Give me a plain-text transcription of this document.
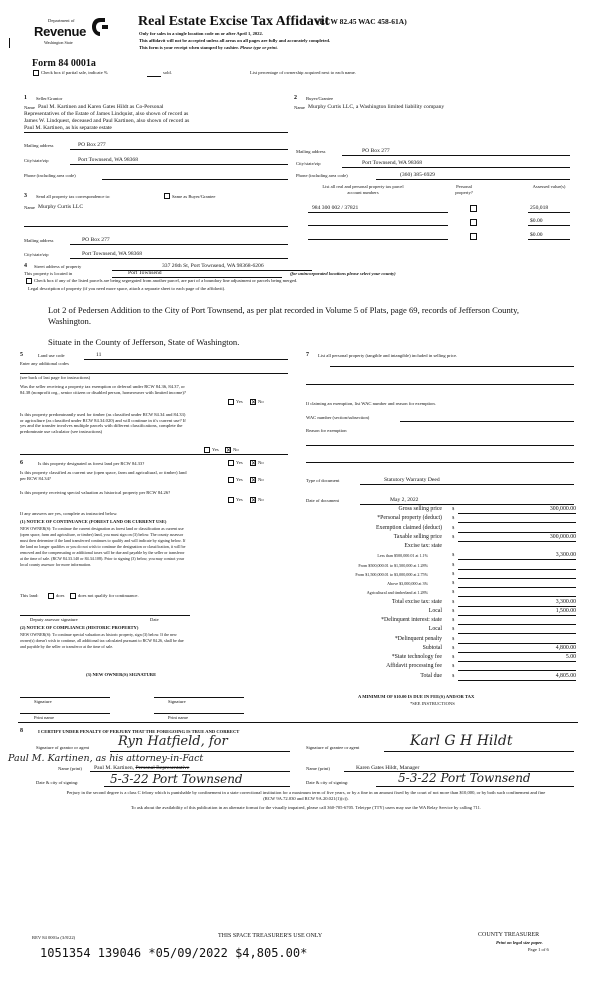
Department of
Revenue
Washington State
Real Estate Excise Tax Affidavit
(RCW 82.45 WAC 458-61A)
Only for sales in a single location code on or after April 1, 2022.
This affidavit will not be accepted unless all areas on all pages are fully and accurately completed.
This form is your receipt when stamped by cashier. Please type or print.
Form 84 0001a
Check box if partial sale, indicate %	sold.	List percentage of ownership acquired next to each name.
1 Seller/Grantor
Name Paul M. Kartinen and Karen Gates Hildt as Co-Personal
Representatives of the Estate of James Lindquist, also shown of record as
James W. Lindquest, deceased and Paul Kartinen, also shown of record as
Paul M. Kartinen, as his separate estate
Mailing address	PO Box 277
City/state/zip	Port Townsend, WA 98368
Phone (including area code)
2 Buyer/Grantee
Name Murphy Curtis LLC, a Washington limited liability company
Mailing address	PO Box 277
City/state/zip	Port Townsend, WA 98368
Phone (including area code)	(360) 385-6929
List all real and personal property tax parcel account numbers
Personal property?
Assessed value(s)
984 300 002 / 37821	250,018
$0.00
$0.00
3 Send all property tax correspondence to:	Same as Buyer/Grantee
Name Murphy Curtis LLC
Mailing address	PO Box 277
City/state/zip	Port Townsend, WA 98368
4 Street address of property	337 26th St, Port Townsend, WA 98368-6206
This property is located in	Port Townsend	(for unincorporated locations please select your county)
Check box if any of the listed parcels are being segregated from another parcel, are part of a boundary line adjustment or parcels being merged.
Legal description of property (if you need more space, attach a separate sheet to each page of the affidavit).
Lot 2 of Pedersen Addition to the City of Port Townsend, as per plat recorded in Volume 5 of Plats, page 69, records of Jefferson County, Washington.
Situate in the County of Jefferson, State of Washington.
5	Land use code	11
Enter any additional codes
(see back of last page for instructions)
Was the seller receiving a property tax exemption or deferral under RCW 84.36, 84.37, or 84.38 (nonprofit org., senior citizen or disabled person, homeowner with limited income)?
Yes ✕ No
Is this property predominantly used for timber (as classified under RCW 84.34 and 84.33) or agriculture (as classified under RCW 84.34.020) and will continue in it's current use? If yes and the transfer involves multiple parcels with different classifications, complete the predominate use calculator (see instructions)
Yes ✕ No
6	Is this property designated as forest land per RCW 84.33?	Yes ✕ No
Is this property classified as current use (open space, farm and agricultural, or timber) land per RCW 84.34?	Yes ✕ No
Is this property receiving special valuation as historical property per RCW 84.26?
Yes ✕ No
If any answers are yes, complete as instructed below.
(1) NOTICE OF CONTINUANCE (FOREST LAND OR CURRENT USE)
NEW OWNER(S): To continue the current designation as forest land or classification as current use (open space, farm and agriculture, or timber) land, you must sign on (3) below. The county assessor must then determine if the land transferred continues to qualify and will indicate by signing below. If the land no longer qualifies or you do not wish to continue the designation or classification, it will be removed and the compensating or additional taxes will be due and payable by the seller or transferor at the time of sale. (RCW 84.33.140 or 84.34.108). Prior to signing (3) below, you may contact your local county assessor for more information.
This land:	does	does not qualify for continuance.
Deputy assessor signature	Date
(2) NOTICE OF COMPLIANCE (HISTORIC PROPERTY)
NEW OWNER(S): To continue special valuation as historic property, sign (3) below. If the new owner(s) doesn't wish to continue, all additional tax calculated pursuant to RCW 84.26, shall be due and payable by the seller or transferor at the time of sale.
(3) NEW OWNER(S) SIGNATURE
Signature	Signature
Print name	Print name
7	List all personal property (tangible and intangible) included in selling price.
If claiming an exemption, list WAC number and reason for exemption.
WAC number (section/subsection)
Reason for exemption
Type of document	Statutory Warranty Deed
Date of document	May 2, 2022
Gross selling price $	300,000.00
*Personal property (deduct) $
Exemption claimed (deduct) $
Taxable selling price $	300,000.00
Excise tax: state
Less than $500,000.01 at 1.1%	$	3,300.00
From $500,000.01 to $1,500,000 at 1.28%	$
From $1,500,000.01 to $3,000,000 at 2.75%	$
Above $3,000,000 at 3%	$
Agricultural and timberland at 1.28%	$
Total excise tax: state $	3,300.00
Local $	1,500.00
*Delinquent interest: state $
Local $
*Delinquent penalty $
Subtotal $	4,800.00
*State technology fee $	5.00
Affidavit processing fee $
Total due $	4,805.00
A MINIMUM OF $10.00 IS DUE IN FEE(S) AND/OR TAX
*SEE INSTRUCTIONS
8	I CERTIFY UNDER PENALTY OF PERJURY THAT THE FOREGOING IS TRUE AND CORRECT
Signature of grantor or agent Ryn Hatfield, for
Paul M. Kartinen, as his attorney-in-Fact
Name (print) Paul M. Kartinen, Personal Representative
Date & city of signing:	5-3-22 Port Townsend
Signature of grantee or agent	Karl G H Hildt
Name (print)	Karen Gates Hildt, Manager
Date & city of signing:	5-3-22 Port Townsend
Perjury in the second degree is a class C felony which is punishable by confinement in a state correctional institution for a maximum term of five years, or by a fine in an amount fixed by the court of not more than $10,000, or by both such confinement and fine (RCW 9A.72.030 and RCW 9A.20.021(1)(c)).
To ask about the availability of this publication in an alternate format for the visually impaired, please call 360-705-6705. Teletype (TTY) users may use the WA Relay Service by calling 711.
REV 84 0001a (3/8/22)	THIS SPACE TREASURER'S USE ONLY	COUNTY TREASURER
Print on legal size paper.
Page 1 of 6
1051354 139046 *05/09/2022 $4,805.00*
